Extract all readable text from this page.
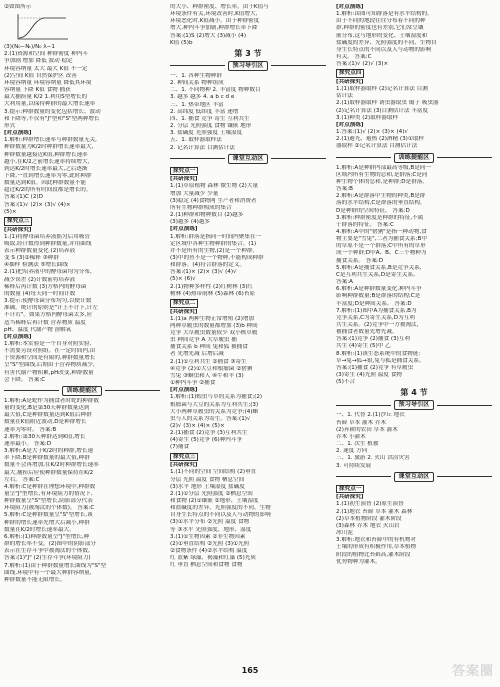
②如图所示
(3)(N₀−Nₜ)/N₀ λ−1
2.(1)资源和空间 种群密度 种内斗
争加剧 增加 降低 波动 稳定
环境容纳量 太大 最大 K值 不一定
(2)空间 K值 自然保护区 改善
环境容纳量 环境容纳量 降低其环境
容纳量 下降 K值 食物 捕获
最大捕捞量 K/2 1.利用S型增长的
大利用量,以保持种群的最大增长速率
3.提示:种群数量的变化包括增长、波动
和下降等,不仅有"J"型和"S"型两种增长
形式
[对点演练]
1.解析:种群增长速率与种群数量无关,
种群数量为K/2时种群增长速率最大,
种群数量越接近K值,种群增长速率
越小,在K/2之前增长速率持续增大,
到达K/2时增长速率最大,之后逐渐
下降,一直到增长速率为零,此时种群
数量达到K值。因此种群数量不能
超过K/2的所有时间段都是增长的。
答案:(1)C (2)D
答案:(1)√ (2)× (3)√ (4)×
(5)×
探究点三
[共研探究]
1.(1)将酵母菌培养液摇匀后用吸管
吸取,经计数得到种群数量,并用曲线
表示种群数量变化 (2)培养液
变 S (3)②稀释 ③种群
④抽样 检测法 ⑤增长曲线
2.(1)把培养液中的酵母菌均匀分布,
减少误差 (2)计数前将培养液
稀释后再计数 (3)方格内的酵母菌
的数量 (4)每天同一时间计数
3.提示:使酵母菌分布均匀,以便计数
准确。统计的原则是"计上不计下,计左
不计右"。如果方格内酵母菌太多,应
适当稀释后再计数 营养物质 温度
pH、温度 代谢产物 溶解氧
[对点演练]
1.解析:本实验是一个自身对照实验,
不需要另设对照组。在一定时间内,由
于资源和空间是有限的,种群数量增长
呈"S"型曲线,后期由于营养物质减少,
有害代谢产物积累,pH改变,种群数量
会下降。 答案:C
训练提能区
1.解析:A是蛇作为捕食者时蛇的种群数
量的变化,B是第30天种群数量达到
最大值,C是种群数量达到K值后种群
数量在K值附近波动,D是种群增长
速率为零时。 答案:B
2.解析:第30天种群达到K值,增长
速率最小。 答案:D
3.解析:A是大于K/2时的种群,增长速
率下降,B是种群数量的最大值,种群
数量不会再增加,在K/2时种群增长速率
最大,捕捞后应使种群数量保持在K/2
左右。 答案:C
4.解析:C是种群在理想环境中,种群数
量呈"J"型增长,有环境阻力的情况下,
种群数量呈"S"型增长,阴影部分代表
环境阻力(被淘汰的个体数)。 答案:C
5.解析:C是种群数量呈"S"型增长,该
种群的增长速率先增大后减小,种群
数量在K/2时增长速率最大。
6.解析:(1)种群数量呈"J"型增长,种
群的增长率不变。(2)图中的阴影部分
表示在生存斗争中被淘汰的个体数。
答案:(1)"J" (2)生存斗争(环境阻力)
7.解析:(1)由于种群数量增长曲线为"S"型
曲线,环境中有一个最大种群容纳量,
种群数量不能无限增长。
的大小、种群密度、增长率。由于K值与
环境条件有关,环境改善时,K值增大,
环境恶化时,K值减小。由于种群密度
增大,种内斗争加剧,种群增长率下降
答案:(1)S (2)增大 (3)减小 (4)
K值 (5)b
第 3 节
预习导引区
一、1. 各种生物种群
2. 种间关系 物种组成
二、1. 不同物种 2. 丰富度 物种数目
3. 越多 越多 4. a b c d e
三、1. 热带地区 丰富
2. 高纬度 低纬度 丰富 递增
四、1. 捕食 竞争 寄生 互利共生
2. 分层 光照强度 食物 镶嵌 地形
3. 盐碱度 光照强度 土壤湿度
五、1. 取样器取样法
2. 记名计算法 目测估计法
课堂互动区
探究点一
[共研探究]
1.(1)草原植物 森林 微生物 (2)大量
增加 大量减少 少量
(3)稳定 (4)食物网 生产者和消费者
所有生物种群构成的集合
2.(1)种群和物种数目 (2)越多
(3)越多 (4)越多
[对点演练]
1.解析:群落是指同一时间内聚集在一
定区域中各种生物种群的集合。(1)
并不是所有的生物,(2)是一个种群,
(3)中的鱼不是一个物种,不能构成种群
和群落。(4)符合群落的定义。
答案:(1)× (2)× (3)√ (4)√
(5)× (6)√
2.(1)物种多样性 (2)红树林 (3)红
树林 (4)热带雨林 (5)森林 (6)苔原
探究点二
[共研探究]
1.(1)a 两种生物正常增殖 (2)增加
两种草履虫的数量都增加 (3)b 种间
竞争 大草履虫数量较少 双小核草履
虫 种间竞争 A 大草履虫 捕
捕食关系 b 种间 兔和狐 被捕食
者 先增先减 后增后减
2.(1)①互利共生 ②捕食 ③寄生
④竞争 (2)①大豆和根瘤菌 ②猞猁
雪兔 ③蛔虫和人 ④牛和羊 (3)
①种内斗争 ②捕食
[对点演练]
1.解析:(1)蝗虫与草的关系为捕食;(2)
根瘤菌与大豆的关系为互利共生;(3)
大小两种草履虫的关系为竞争;(4)蛔
虫与人的关系为寄生。答案:(1)√
(2)√ (3)× (4)× (5)×
2.(1)捕食 (2)竞争 (3)互利共生
(4)寄生 (5)竞争 (6)种内斗争
(7)捕食
探究点三
[共研探究]
1.(1)不同的空间 空间结构 (2)垂直
分层 光照 温度 食物 栖息空间
(3)水平 地形 土壤湿度 盐碱度
2.(1)①分层 光照强度 ②栖息空间
和食物 (2)①镶嵌 ②地形、土壤湿度
和盐碱度的差异、光照强度的不同、生物
自身生长特点的不同以及人与动物的影响
(3)①水平分布 ②光照 温度 食物
等 ③水平 光照强度、地形、湿度
3.(1)①生物因素 ②非生物因素
(2)①垂直结构 ②光照 (3)①光照
②食物条件 (4)②水平结构 温度
红 蓝紫 绿藻、褐藻和红藻 (5)光质
红 垂直 栖息空间和食物 食物
[对点演练]
1.解析:由图可知群落是有水平结构的。
由于不同的地段往往分布着不同的种
群,种群的密度也有差别,它们常呈镶
嵌分布,这与地形的变化、土壤湿度和
盐碱度的差异、光照强度的不同、生物自
身生长特点的不同以及人与动物的影响
有关。 答案:C
答案:(1)√ (2)√ (3)×
探究点四
[共研探究]
1.(1)取样器取样 (2)记名计算法 目测
估计法
2.(1)取样器取样 诱虫器取虫 镊子 吸虫器
(2)记名计算法 (3)目测估计法 丰富度
3.(1)种类 (2)取样器取样
[对点演练]
1.答案:(1)√ (2)× (3)× (4)√
2.(1)避光、避热 (2)酒精 (3)①取样
器取样 ②记名计算法 目测估计法
训练提能区
1.解析:A是种群内部最高等级,B是同一
区域内所有生物的总和,是群落;C是同
种生物个体的总和,是种群;D是群落。
答案:B
2.解析:A是群落中生物的种类,B是群
落的水平结构,C是群落的垂直结构,
D是种群的空间特征。 答案:D
3.解析:种群密度是种群的特征,不属
于群落的特征。 答案:C
4.解析:A中的"猞猁"是指一种动物,食
物主要是"雪兔",二者为捕食关系;B中
的草原不是一个群落;C中所有的草形
成一个种群;D中A、B、C三个物种为
捕食关系。 答案:D
5.解析:A是捕食关系,B是竞争关系,
C是互利共生关系,D是寄生关系。
答案:A
6.解析:A是种群数量变化,种内斗争
影响种群数量;B是群落的结构;C是
丰富度;D是种间关系。 答案:D
7.解析:(1)图中A为捕食关系,B为
竞争关系,C为寄生关系,D为互利
共生关系。(2)竞争中一方被淘汰,
被捕食者数量先增先减。
答案:(1)竞争 (2)捕食 (3)互利
共生 (4)寄生 (5)甲 乙
8.解析:(1)该生态系统中的食物链:
草→兔→狐→狼,兔与狐是捕食关系。
答案:(1)捕食 (2)竞争 有草履虫
(3)寄生 (4)光照 温度 食物
(5)不合
第 4 节
预习导引区
一、1. 代替 2.(1)沙丘 地衣
苔藓 草本 灌木 乔木
(2)弃耕的农田 草本 灌木
乔木 小灌木
二、1. 次生 植被
2. 速度 方向
三、1. 旅游 2. 火山 洪涝灾害
3. 可持续发展
课堂互动区
探究点一
[共研探究]
1.(1)初生演替 (2)原生演替
2.(1)地衣 苔藓 草本 灌木 森林
(2)草本植物阶段 灌木阶段
(3)森林 乔木 地衣 火山岩
冰川泥
3.解析:地衣和苔藓中的有机物对
土壤的形成有积极作用,草本植物
阶段的植物比苔藓高,灌木阶段
优势物种为灌木。
165	答案圈
